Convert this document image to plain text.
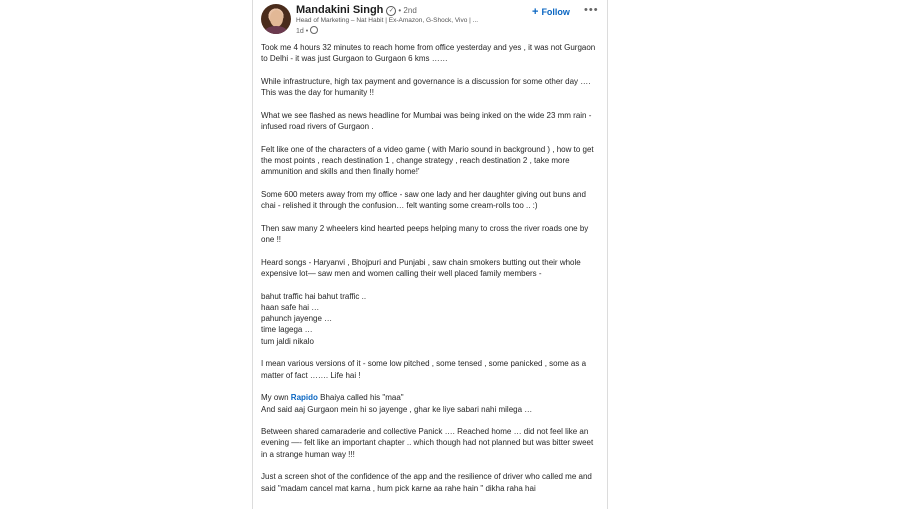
Mandakini Singh ✓ • 2nd
Head of Marketing – Nat Habit | Ex-Amazon, G-Shock, Vivo | ...
1d •
+ Follow •••

Took me 4 hours 32 minutes to reach home from office yesterday and yes , it was not Gurgaon to Delhi - it was just Gurgaon to Gurgaon 6 kms ……

While infrastructure, high tax payment and governance is a discussion for some other day …. This was the day for humanity !!

What we see flashed as news headline for Mumbai was being inked on the wide 23 mm rain - infused road rivers of Gurgaon .

Felt like one of the characters of a video game ( with Mario sound in background ) , how to get the most points , reach destination 1 , change strategy , reach destination 2 , take more ammunition and skills and then finally home!'

Some 600 meters away from my office - saw one lady and her daughter giving out buns and chai - relished it through the confusion… felt wanting some cream-rolls too .. :)

Then saw many 2 wheelers kind hearted peeps helping many to cross the river roads one by one !!

Heard songs - Haryanvi , Bhojpuri and Punjabi , saw chain smokers butting out their whole expensive lot— saw men and women calling their well placed family members -

bahut traffic hai bahut traffic ..
haan safe hai …
pahunch jayenge …
time lagega …
tum jaldi nikalo

I mean various versions of it - some low pitched , some tensed , some panicked , some as a matter of fact ……. Life hai !

My own Rapido Bhaiya called his "maa"
And said aaj Gurgaon mein hi so jayenge , ghar ke liye sabari nahi milega …

Between shared camaraderie and collective Panick …. Reached home … did not feel like an evening —- felt like an important chapter .. which though had not planned but was bitter sweet in a strange human way !!!

Just a screen shot of the confidence of the app and the resilience of driver who called me and said "madam cancel mat karna , hum pick karne aa rahe hain " dikha raha hai
